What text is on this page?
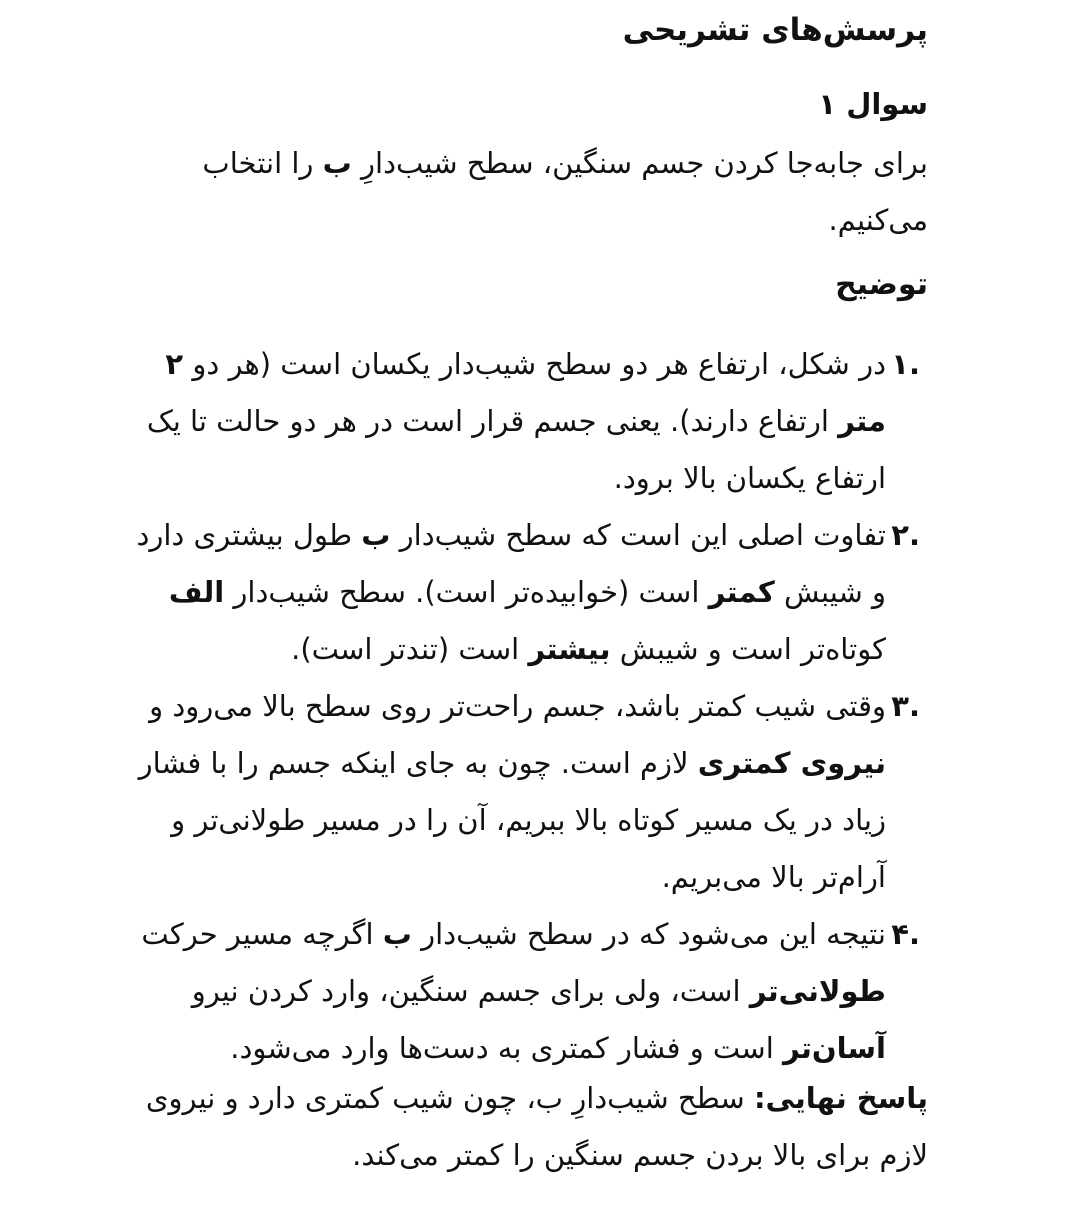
پرسش‌های تشریحی
سوال ۱
برای جابه‌جا کردن جسم سنگین، سطح شیب‌دارِ ب را انتخاب
می‌کنیم.
توضیح
۱.
در شکل، ارتفاع هر دو سطح شیب‌دار یکسان است (هر دو ۲
متر ارتفاع دارند). یعنی جسم قرار است در هر دو حالت تا یک
ارتفاع یکسان بالا برود.
۲.
تفاوت اصلی این است که سطح شیب‌دار ب طول بیشتری دارد
و شیبش کمتر است (خوابیده‌تر است). سطح شیب‌دار الف
کوتاه‌تر است و شیبش بیشتر است (تندتر است).
۳.
وقتی شیب کمتر باشد، جسم راحت‌تر روی سطح بالا می‌رود و
نیروی کمتری لازم است. چون به جای اینکه جسم را با فشار
زیاد در یک مسیر کوتاه بالا ببریم، آن را در مسیر طولانی‌تر و
آرام‌تر بالا می‌بریم.
۴.
نتیجه این می‌شود که در سطح شیب‌دار ب اگرچه مسیر حرکت
طولانی‌تر است، ولی برای جسم سنگین، وارد کردن نیرو
آسان‌تر است و فشار کمتری به دست‌ها وارد می‌شود.
پاسخ نهایی: سطح شیب‌دارِ ب، چون شیب کمتری دارد و نیروی
لازم برای بالا بردن جسم سنگین را کمتر می‌کند.
